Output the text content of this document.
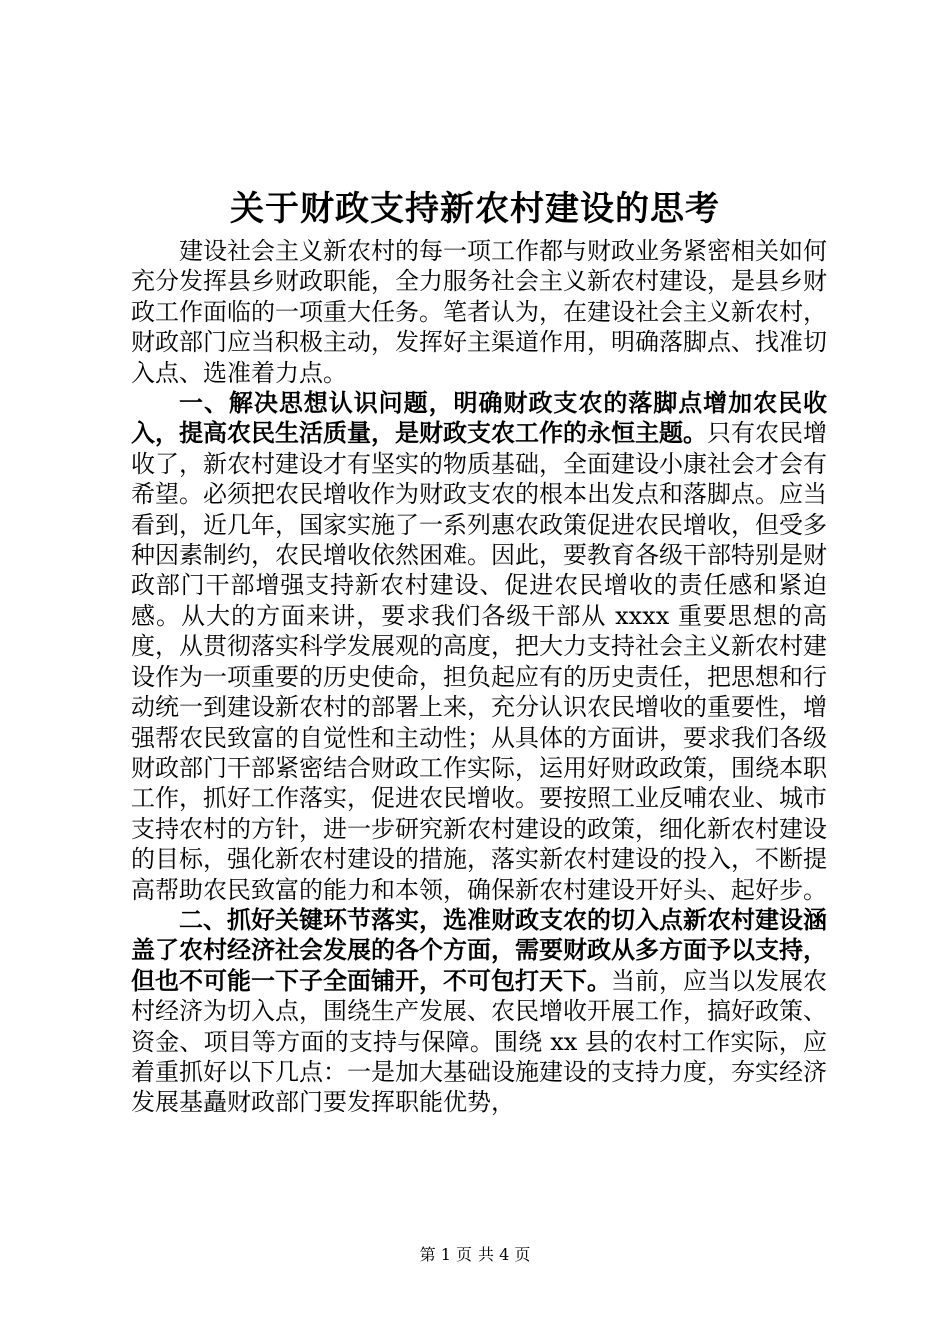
关于财政支持新农村建设的思考

建设社会主义新农村的每一项工作都与财政业务紧密相关如何充分发挥县乡财政职能，全力服务社会主义新农村建设，是县乡财政工作面临的一项重大任务。笔者认为，在建设社会主义新农村，财政部门应当积极主动，发挥好主渠道作用，明确落脚点、找准切入点、选准着力点。

一、解决思想认识问题，明确财政支农的落脚点增加农民收入，提高农民生活质量，是财政支农工作的永恒主题。只有农民增收了，新农村建设才有坚实的物质基础，全面建设小康社会才会有希望。必须把农民增收作为财政支农的根本出发点和落脚点。应当看到，近几年，国家实施了一系列惠农政策促进农民增收，但受多种因素制约，农民增收依然困难。因此，要教育各级干部特别是财政部门干部增强支持新农村建设、促进农民增收的责任感和紧迫感。从大的方面来讲，要求我们各级干部从 xxxx 重要思想的高度，从贯彻落实科学发展观的高度，把大力支持社会主义新农村建设作为一项重要的历史使命，担负起应有的历史责任，把思想和行动统一到建设新农村的部署上来，充分认识农民增收的重要性，增强帮农民致富的自觉性和主动性；从具体的方面讲，要求我们各级财政部门干部紧密结合财政工作实际，运用好财政政策，围绕本职工作，抓好工作落实，促进农民增收。要按照工业反哺农业、城市支持农村的方针，进一步研究新农村建设的政策，细化新农村建设的目标，强化新农村建设的措施，落实新农村建设的投入，不断提高帮助农民致富的能力和本领，确保新农村建设开好头、起好步。

二、抓好关键环节落实，选准财政支农的切入点新农村建设涵盖了农村经济社会发展的各个方面，需要财政从多方面予以支持，但也不可能一下子全面铺开，不可包打天下。当前，应当以发展农村经济为切入点，围绕生产发展、农民增收开展工作，搞好政策、资金、项目等方面的支持与保障。围绕 xx 县的农村工作实际，应着重抓好以下几点：一是加大基础设施建设的支持力度，夯实经济发展基矗财政部门要发挥职能优势，

第 1 页 共 4 页
